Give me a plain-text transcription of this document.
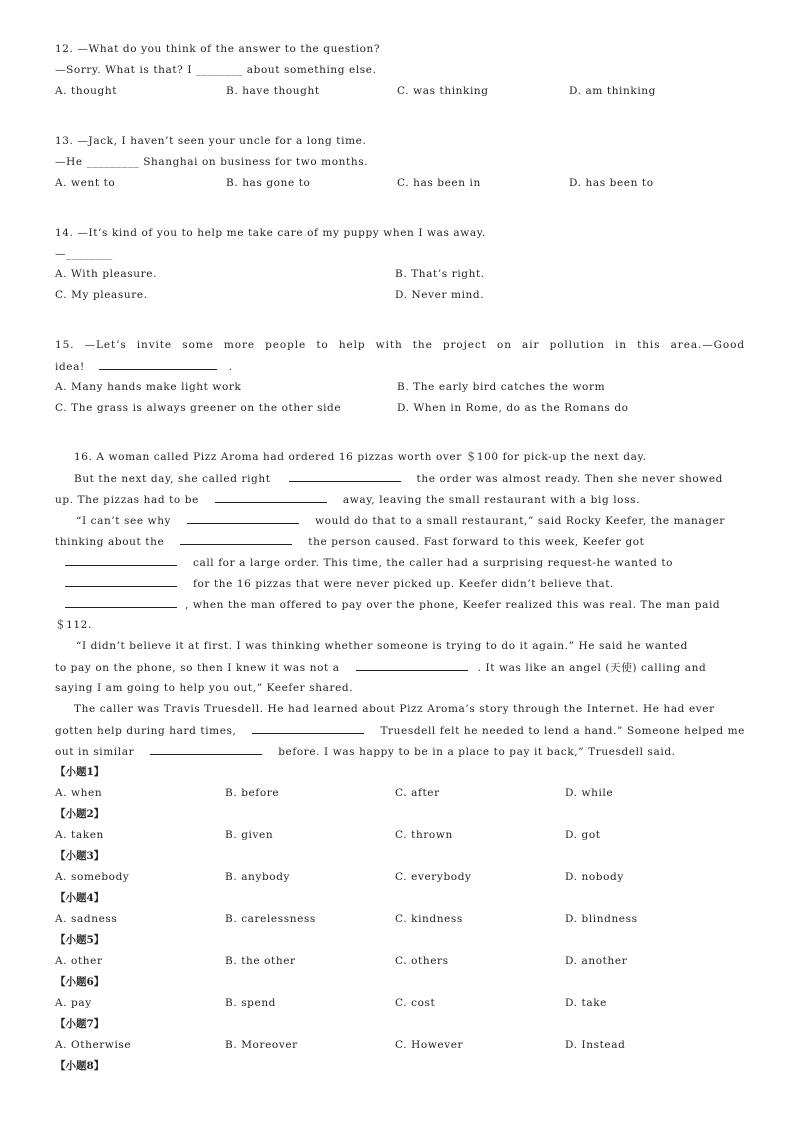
12. —What do you think of the answer to the question?
—Sorry. What is that? I ________ about something else.
A. thought	B. have thought	C. was thinking	D. am thinking
13. —Jack, I haven’t seen your uncle for a long time.
—He _________ Shanghai on business for two months.
A. went to	B. has gone to	C. has been in	D. has been to
14. —It’s kind of you to help me take care of my puppy when I was away.
—________
A. With pleasure.	B. That’s right.
C. My pleasure.	D. Never mind.
15. —Let’s invite some more people to help with the project on air pollution in this area.—Good
idea!	.
A. Many hands make light work	B. The early bird catches the worm
C. The grass is always greener on the other side	D. When in Rome, do as the Romans do
16. A woman called Pizz Aroma had ordered 16 pizzas worth over ＄100 for pick-up the next day.
But the next day, she called right	the order was almost ready. Then she never showed
up. The pizzas had to be	away, leaving the small restaurant with a big loss.
“I can’t see why	would do that to a small restaurant,” said Rocky Keefer, the manager
thinking about the	the person caused. Fast forward to this week, Keefer got
call for a large order. This time, the caller had a surprising request-he wanted to
for the 16 pizzas that were never picked up. Keefer didn’t believe that.
, when the man offered to pay over the phone, Keefer realized this was real. The man paid
＄112.
“I didn’t believe it at first. I was thinking whether someone is trying to do it again.” He said he wanted
to pay on the phone, so then I knew it was not a	. It was like an angel (天使) calling and
saying I am going to help you out,” Keefer shared.
The caller was Travis Truesdell. He had learned about Pizz Aroma’s story through the Internet. He had ever
gotten help during hard times,	Truesdell felt he needed to lend a hand.” Someone helped me
out in similar	before. I was happy to be in a place to pay it back,” Truesdell said.
【小题1】
A. when	B. before	C. after	D. while
【小题2】
A. taken	B. given	C. thrown	D. got
【小题3】
A. somebody	B. anybody	C. everybody	D. nobody
【小题4】
A. sadness	B. carelessness	C. kindness	D. blindness
【小题5】
A. other	B. the other	C. others	D. another
【小题6】
A. pay	B. spend	C. cost	D. take
【小题7】
A. Otherwise	B. Moreover	C. However	D. Instead
【小题8】
